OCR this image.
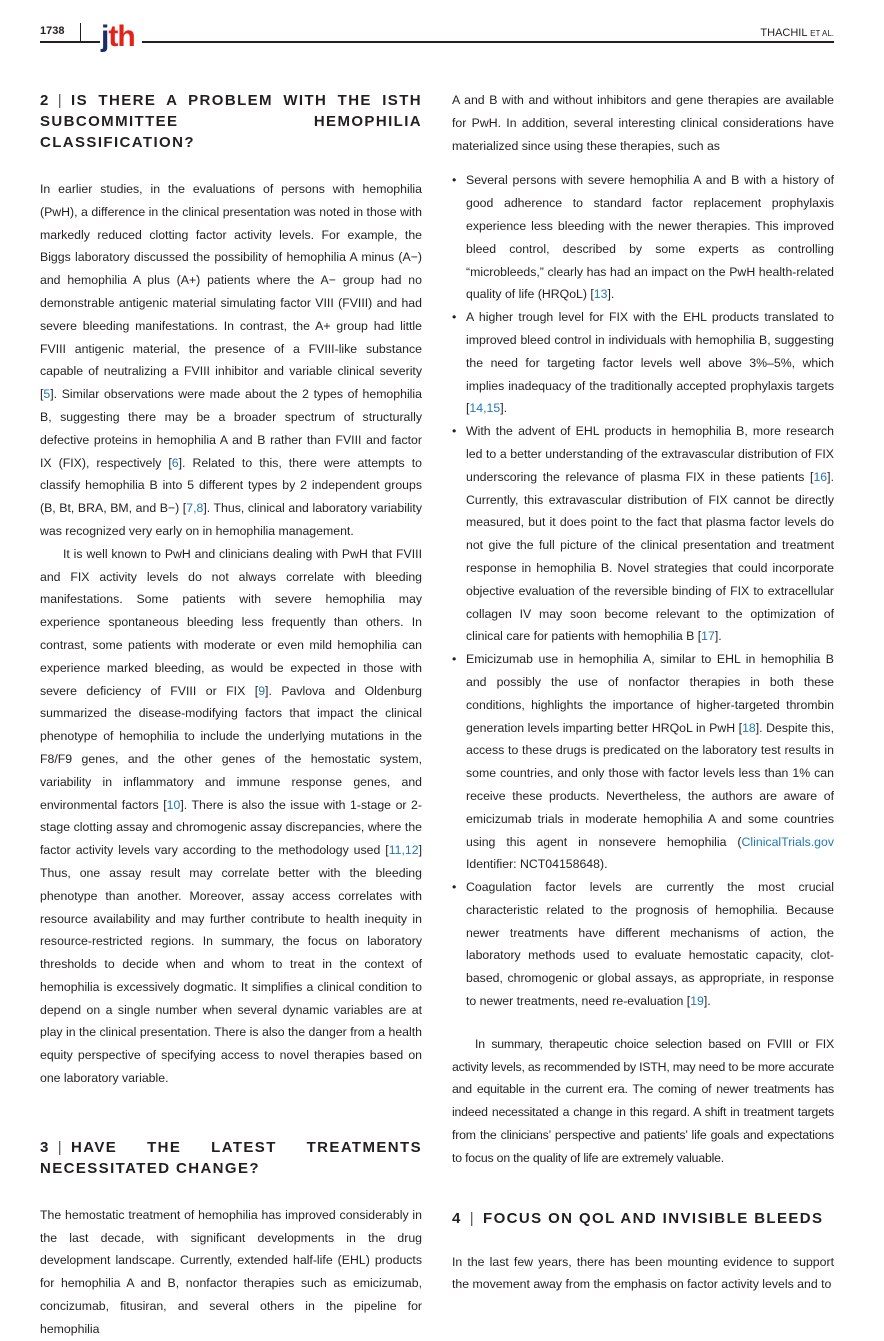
1738 jth	THACHIL ET AL.
2 | IS THERE A PROBLEM WITH THE ISTH SUBCOMMITTEE HEMOPHILIA CLASSIFICATION?

In earlier studies, in the evaluations of persons with hemophilia (PwH), a difference in the clinical presentation was noted in those with markedly reduced clotting factor activity levels. For example, the Biggs laboratory discussed the possibility of hemophilia A minus (A−) and hemophilia A plus (A+) patients where the A− group had no demonstrable antigenic material simulating factor VIII (FVIII) and had severe bleeding manifestations. In contrast, the A+ group had little FVIII antigenic material, the presence of a FVIII-like substance capable of neutralizing a FVIII inhibitor and variable clinical severity [5]. Similar observations were made about the 2 types of hemophilia B, suggesting there may be a broader spectrum of structurally defective proteins in hemophilia A and B rather than FVIII and factor IX (FIX), respectively [6]. Related to this, there were attempts to classify hemophilia B into 5 different types by 2 independent groups (B, Bt, BRA, BM, and B−) [7,8]. Thus, clinical and laboratory variability was recognized very early on in hemophilia management.

It is well known to PwH and clinicians dealing with PwH that FVIII and FIX activity levels do not always correlate with bleeding manifestations. Some patients with severe hemophilia may experience spontaneous bleeding less frequently than others. In contrast, some patients with moderate or even mild hemophilia can experience marked bleeding, as would be expected in those with severe deficiency of FVIII or FIX [9]. Pavlova and Oldenburg summarized the disease-modifying factors that impact the clinical phenotype of hemophilia to include the underlying mutations in the F8/F9 genes, and the other genes of the hemostatic system, variability in inflammatory and immune response genes, and environmental factors [10]. There is also the issue with 1-stage or 2-stage clotting assay and chromogenic assay discrepancies, where the factor activity levels vary according to the methodology used [11,12] Thus, one assay result may correlate better with the bleeding phenotype than another. Moreover, assay access correlates with resource availability and may further contribute to health inequity in resource-restricted regions. In summary, the focus on laboratory thresholds to decide when and whom to treat in the context of hemophilia is excessively dogmatic. It simplifies a clinical condition to depend on a single number when several dynamic variables are at play in the clinical presentation. There is also the danger from a health equity perspective of specifying access to novel therapies based on one laboratory variable.

3 | HAVE THE LATEST TREATMENTS NECESSITATED CHANGE?

The hemostatic treatment of hemophilia has improved considerably in the last decade, with significant developments in the drug development landscape. Currently, extended half-life (EHL) products for hemophilia A and B, nonfactor therapies such as emicizumab, concizumab, fitusiran, and several others in the pipeline for hemophilia

A and B with and without inhibitors and gene therapies are available for PwH. In addition, several interesting clinical considerations have materialized since using these therapies, such as

• Several persons with severe hemophilia A and B with a history of good adherence to standard factor replacement prophylaxis experience less bleeding with the newer therapies. This improved bleed control, described by some experts as controlling “microbleeds,” clearly has had an impact on the PwH health-related quality of life (HRQoL) [13].
• A higher trough level for FIX with the EHL products translated to improved bleed control in individuals with hemophilia B, suggesting the need for targeting factor levels well above 3%–5%, which implies inadequacy of the traditionally accepted prophylaxis targets [14,15].
• With the advent of EHL products in hemophilia B, more research led to a better understanding of the extravascular distribution of FIX underscoring the relevance of plasma FIX in these patients [16]. Currently, this extravascular distribution of FIX cannot be directly measured, but it does point to the fact that plasma factor levels do not give the full picture of the clinical presentation and treatment response in hemophilia B. Novel strategies that could incorporate objective evaluation of the reversible binding of FIX to extracellular collagen IV may soon become relevant to the optimization of clinical care for patients with hemophilia B [17].
• Emicizumab use in hemophilia A, similar to EHL in hemophilia B and possibly the use of nonfactor therapies in both these conditions, highlights the importance of higher-targeted thrombin generation levels imparting better HRQoL in PwH [18]. Despite this, access to these drugs is predicated on the laboratory test results in some countries, and only those with factor levels less than 1% can receive these products. Nevertheless, the authors are aware of emicizumab trials in moderate hemophilia A and some countries using this agent in nonsevere hemophilia (ClinicalTrials.gov Identifier: NCT04158648).
• Coagulation factor levels are currently the most crucial characteristic related to the prognosis of hemophilia. Because newer treatments have different mechanisms of action, the laboratory methods used to evaluate hemostatic capacity, clot-based, chromogenic or global assays, as appropriate, in response to newer treatments, need re-evaluation [19].

In summary, therapeutic choice selection based on FVIII or FIX activity levels, as recommended by ISTH, may need to be more accurate and equitable in the current era. The coming of newer treatments has indeed necessitated a change in this regard. A shift in treatment targets from the clinicians’ perspective and patients’ life goals and expectations to focus on the quality of life are extremely valuable.

4 | FOCUS ON QOL AND INVISIBLE BLEEDS

In the last few years, there has been mounting evidence to support the movement away from the emphasis on factor activity levels and to
